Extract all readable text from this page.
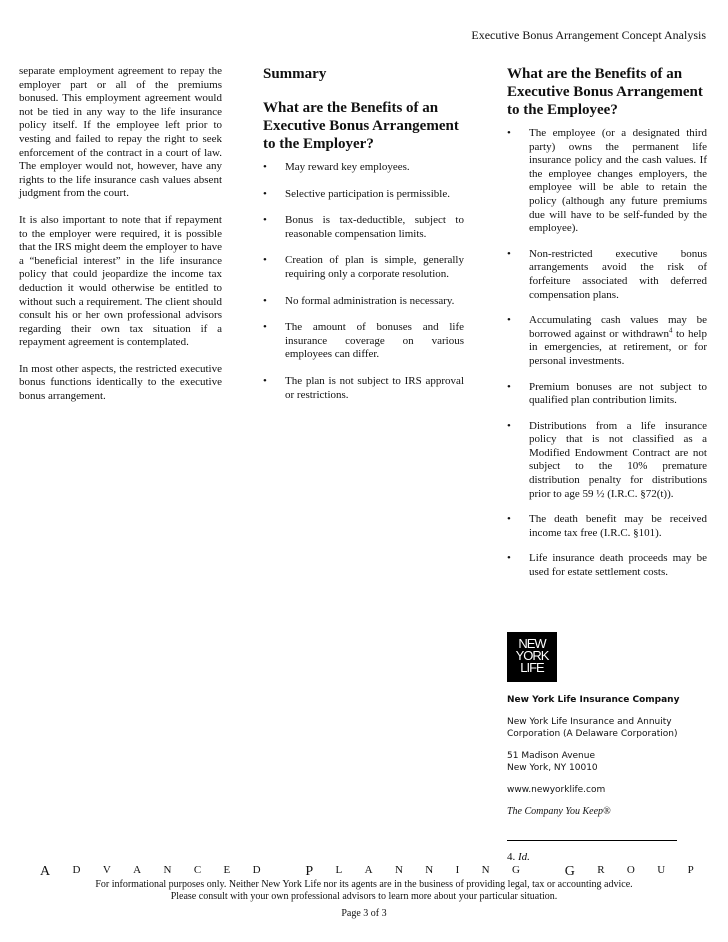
Executive Bonus Arrangement Concept Analysis

separate employment agreement to repay the employer part or all of the premiums bonused. This employment agreement would not be tied in any way to the life insurance policy itself. If the employee left prior to vesting and failed to repay the right to seek enforcement of the contract in a court of law. The employer would not, however, have any rights to the life insurance cash values absent judgment from the court.

It is also important to note that if repayment to the employer were required, it is possible that the IRS might deem the employer to have a “beneficial interest” in the life insurance policy that could jeopardize the income tax deduction it would otherwise be entitled to without such a requirement. The client should consult his or her own professional advisors regarding their own tax situation if a repayment agreement is contemplated.

In most other aspects, the restricted executive bonus functions identically to the executive bonus arrangement.

Summary
What are the Benefits of an Executive Bonus Arrangement to the Employer?
• May reward key employees.
• Selective participation is permissible.
• Bonus is tax-deductible, subject to reasonable compensation limits.
• Creation of plan is simple, generally requiring only a corporate resolution.
• No formal administration is necessary.
• The amount of bonuses and life insurance coverage on various employees can differ.
• The plan is not subject to IRS approval or restrictions.
What are the Benefits of an Executive Bonus Arrangement to the Employee?
• The employee (or a designated third party) owns the permanent life insurance policy and the cash values. If the employee changes employers, the employee will be able to retain the policy (although any future premiums due will have to be self-funded by the employee).
• Non-restricted executive bonus arrangements avoid the risk of forfeiture associated with deferred compensation plans.
• Accumulating cash values may be borrowed against or withdrawn$^4$ to help in emergencies, at retirement, or for personal investments.
• Premium bonuses are not subject to qualified plan contribution limits.
• Distributions from a life insurance policy that is not classified as a Modified Endowment Contract are not subject to the 10% premature distribution penalty for distributions prior to age 59 ½ (I.R.C. §72(t)).
• The death benefit may be received income tax free (I.R.C. §101).
• Life insurance death proceeds may be used for estate settlement costs.
NEW
YORK
LIFE
New York Life Insurance Company

New York Life Insurance and Annuity
Corporation (A Delaware Corporation)

51 Madison Avenue
New York, NY 10010

www.newyorklife.com

The Company You Keep®
4. Id.
A D V A N C E D	P L A N N I N G	G R O U P
For informational purposes only. Neither New York Life nor its agents are in the business of providing legal, tax or accounting advice.
Please consult with your own professional advisors to learn more about your particular situation.
Page 3 of 3
